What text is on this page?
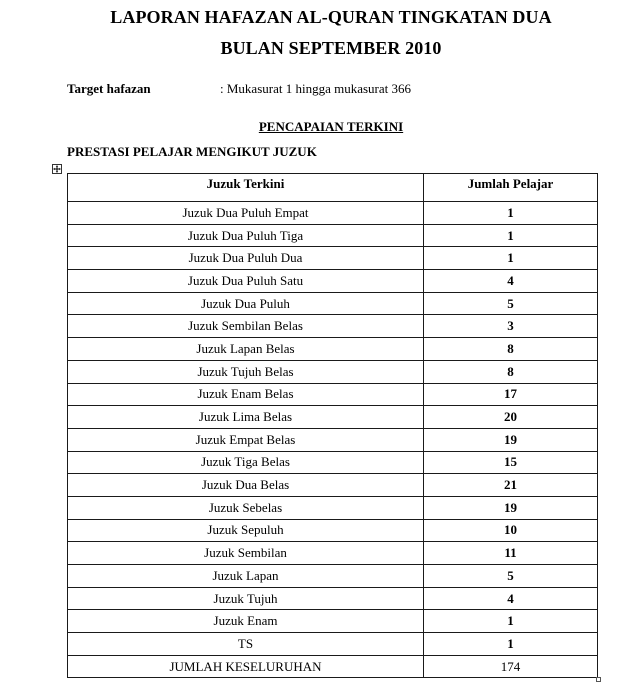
LAPORAN HAFAZAN AL-QURAN TINGKATAN DUA
BULAN SEPTEMBER 2010
Target hafazan	: Mukasurat 1 hingga mukasurat 366
PENCAPAIAN TERKINI
PRESTASI PELAJAR MENGIKUT JUZUK
Juzuk Terkini	Jumlah Pelajar
Juzuk Dua Puluh Empat	1
Juzuk Dua Puluh Tiga	1
Juzuk Dua Puluh Dua	1
Juzuk Dua Puluh Satu	4
Juzuk Dua Puluh	5
Juzuk Sembilan Belas	3
Juzuk Lapan Belas	8
Juzuk Tujuh Belas	8
Juzuk Enam Belas	17
Juzuk Lima Belas	20
Juzuk Empat Belas	19
Juzuk Tiga Belas	15
Juzuk Dua Belas	21
Juzuk Sebelas	19
Juzuk Sepuluh	10
Juzuk Sembilan	11
Juzuk Lapan	5
Juzuk Tujuh	4
Juzuk Enam	1
TS	1
JUMLAH KESELURUHAN	174
